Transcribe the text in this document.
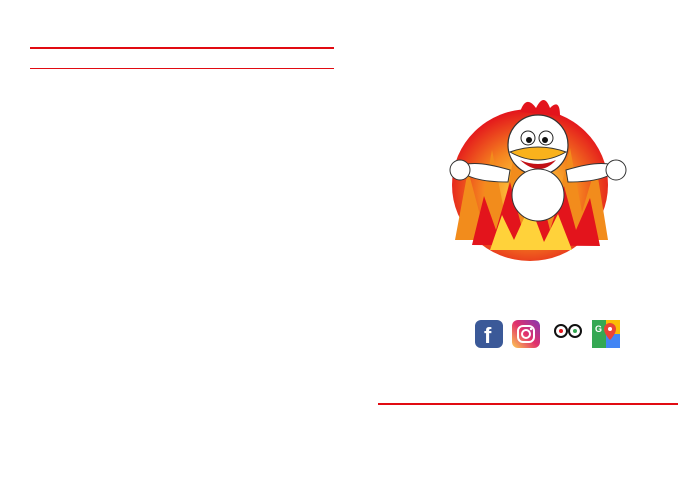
f	G
